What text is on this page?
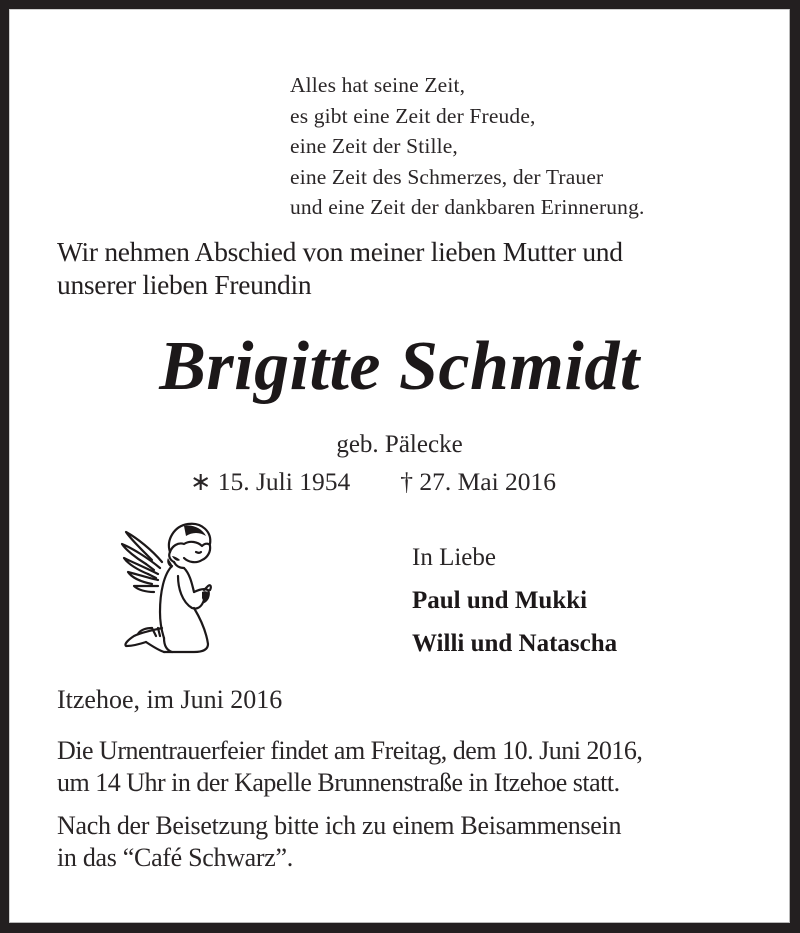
Alles hat seine Zeit,
es gibt eine Zeit der Freude,
eine Zeit der Stille,
eine Zeit des Schmerzes, der Trauer
und eine Zeit der dankbaren Erinnerung.
Wir nehmen Abschied von meiner lieben Mutter und
unserer lieben Freundin
Brigitte Schmidt
geb. Pälecke
∗ 15. Juli 1954 † 27. Mai 2016
In Liebe
Paul und Mukki
Willi und Natascha
Itzehoe, im Juni 2016
Die Urnentrauerfeier findet am Freitag, dem 10. Juni 2016,
um 14 Uhr in der Kapelle Brunnenstraße in Itzehoe statt.
Nach der Beisetzung bitte ich zu einem Beisammensein
in das “Café Schwarz”.
